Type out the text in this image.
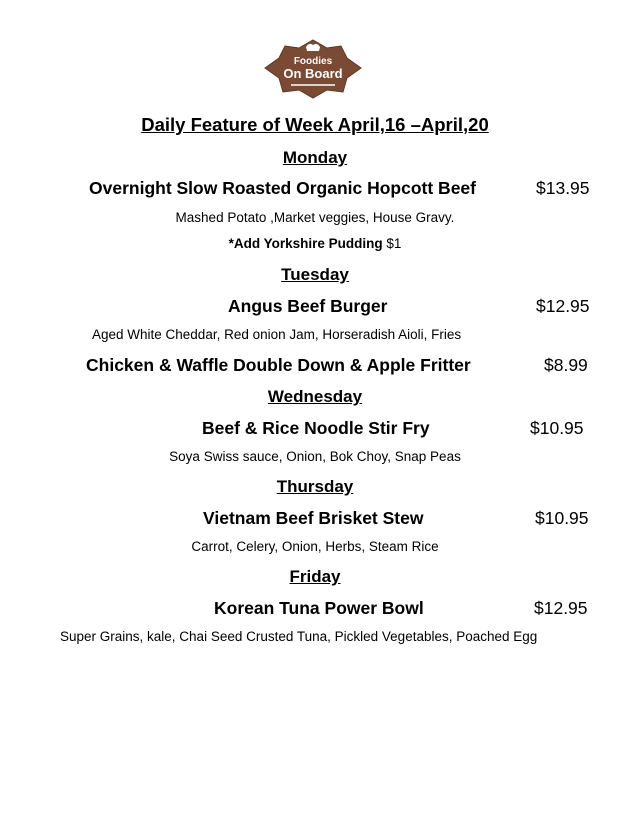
Foodies
On Board
Daily Feature of Week April,16 –April,20
Monday
Overnight Slow Roasted Organic Hopcott Beef	$13.95
Mashed Potato ,Market veggies, House Gravy.
*Add Yorkshire Pudding $1
Tuesday
Angus Beef Burger	$12.95
Aged White Cheddar, Red onion Jam, Horseradish Aioli, Fries
Chicken & Waffle Double Down & Apple Fritter	$8.99
Wednesday
Beef & Rice Noodle Stir Fry	$10.95
Soya Swiss sauce, Onion, Bok Choy, Snap Peas
Thursday
Vietnam Beef Brisket Stew	$10.95
Carrot, Celery, Onion, Herbs, Steam Rice
Friday
Korean Tuna Power Bowl	$12.95
Super Grains, kale, Chai Seed Crusted Tuna, Pickled Vegetables, Poached Egg
